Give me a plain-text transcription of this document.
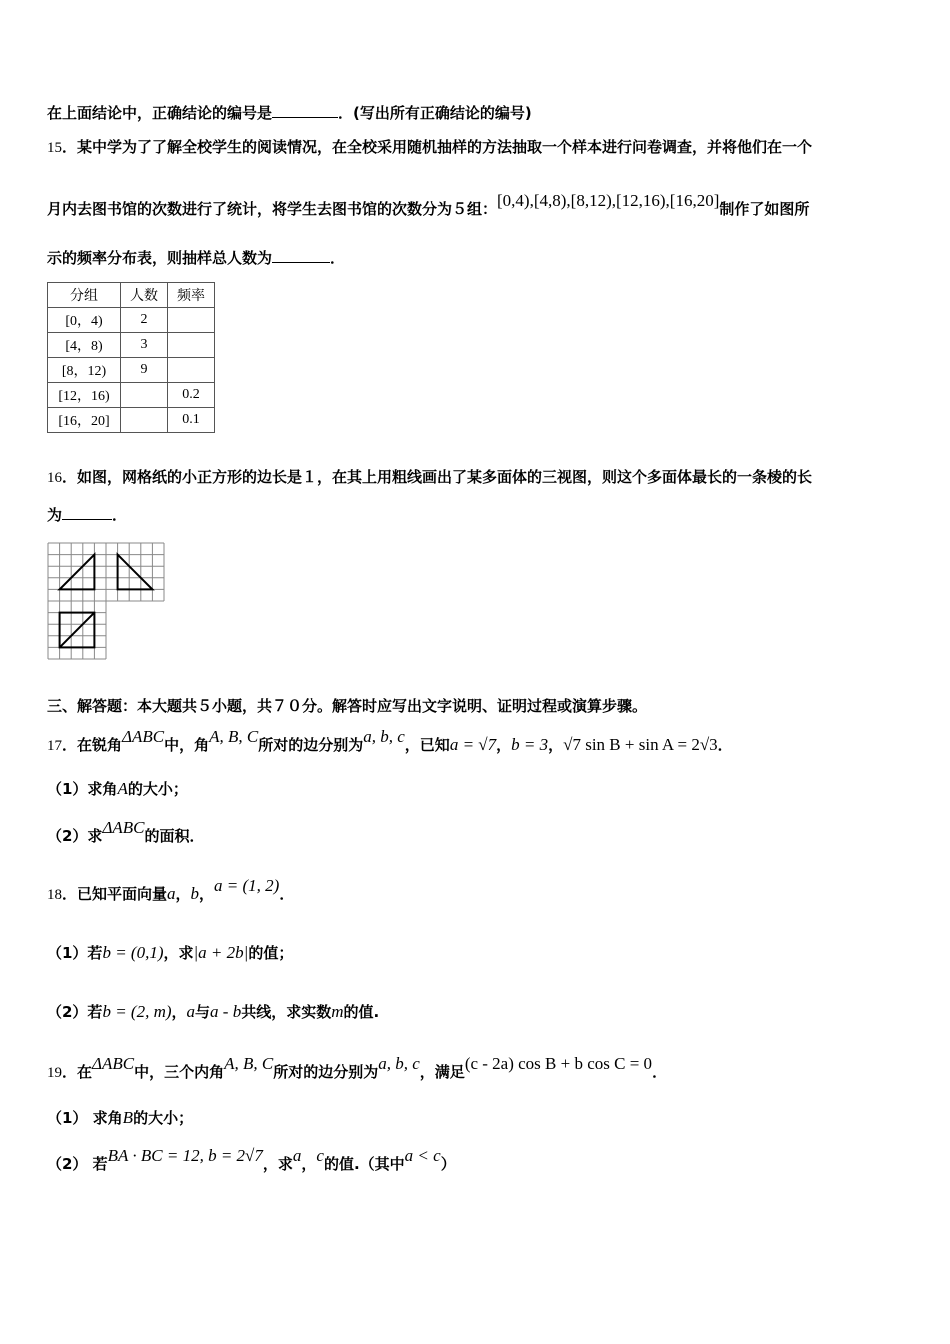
在上面结论中，正确结论的编号是	．(写出所有正确结论的编号)
15．某中学为了了解全校学生的阅读情况，在全校采用随机抽样的方法抽取一个样本进行问卷调查，并将他们在一个
月内去图书馆的次数进行了统计，将学生去图书馆的次数分为５组：[0,4),[4,8),[8,12),[12,16),[16,20]制作了如图所
示的频率分布表，则抽样总人数为	．
分组	人数	频率
[0，4)	2	
[4，8)	3	
[8，12)	9	
[12，16)		0.2
[16，20]		0.1
16．如图，网格纸的小正方形的边长是１，在其上用粗线画出了某多面体的三视图，则这个多面体最长的一条棱的长
为	．
三、解答题：本大题共５小题，共７０分。解答时应写出文字说明、证明过程或演算步骤。
17．在锐角ΔABC中，角A, B, C所对的边分别为a, b, c，已知a = √7，b = 3，√7 sin B + sin A = 2√3．
（1）求角A的大小；
（2）求ΔABC的面积．
18．已知平面向量a，b，a = (1, 2)．
（1）若b = (0,1)，求|a + 2b|的值；
（2）若b = (2, m)，a与a - b共线，求实数m的值.
19．在ΔABC中，三个内角A, B, C所对的边分别为a, b, c，满足(c - 2a) cos B + b cos C = 0．
（1） 求角B的大小；
（2） 若BA · BC = 12, b = 2√7，求a，c的值.（其中a < c）
